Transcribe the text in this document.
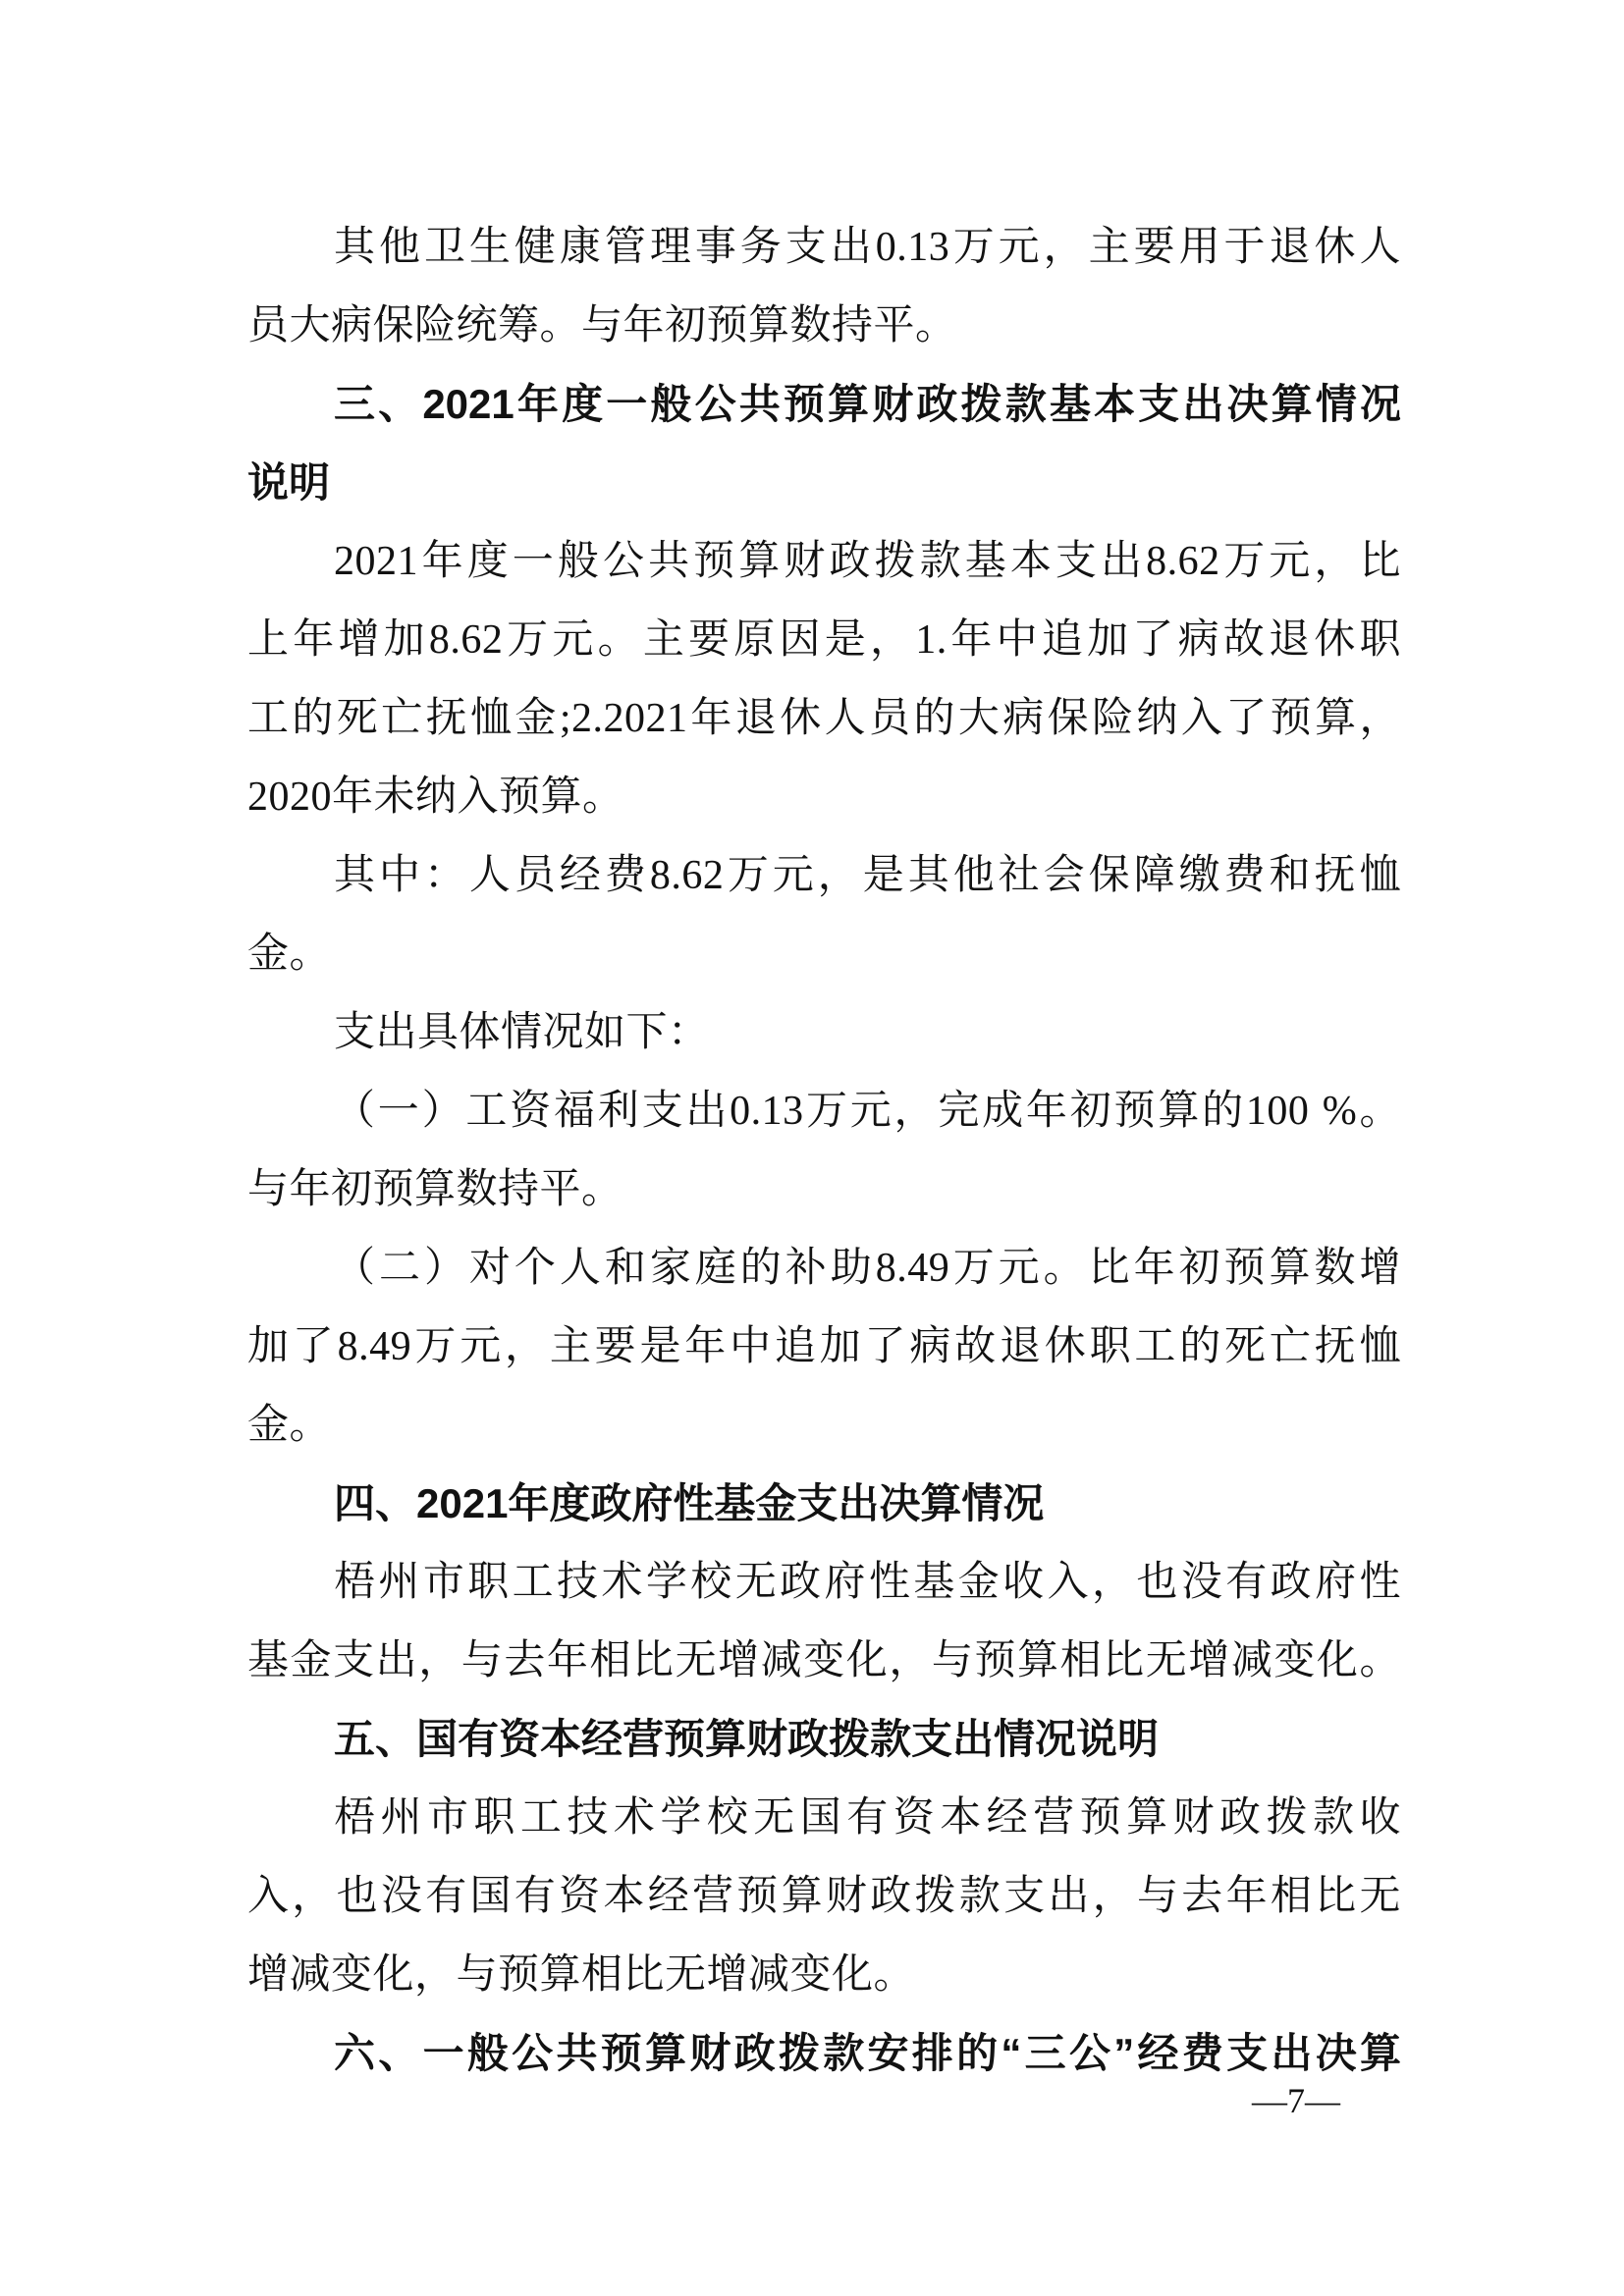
其他卫生健康管理事务支出0.13万元，主要用于退休人
员大病保险统筹。与年初预算数持平。
三、2021年度一般公共预算财政拨款基本支出决算情况
说明
2021年度一般公共预算财政拨款基本支出8.62万元，比
上年增加8.62万元。主要原因是，1.年中追加了病故退休职
工的死亡抚恤金;2.2021年退休人员的大病保险纳入了预算，
2020年未纳入预算。
其中：人员经费8.62万元，是其他社会保障缴费和抚恤
金。
支出具体情况如下：
（一）工资福利支出0.13万元，完成年初预算的100 %。
与年初预算数持平。
（二）对个人和家庭的补助8.49万元。比年初预算数增
加了8.49万元，主要是年中追加了病故退休职工的死亡抚恤
金。
四、2021年度政府性基金支出决算情况
梧州市职工技术学校无政府性基金收入，也没有政府性
基金支出，与去年相比无增减变化，与预算相比无增减变化。
五、国有资本经营预算财政拨款支出情况说明
梧州市职工技术学校无国有资本经营预算财政拨款收
入，也没有国有资本经营预算财政拨款支出，与去年相比无
增减变化，与预算相比无增减变化。
六、一般公共预算财政拨款安排的“三公”经费支出决算
—7—
